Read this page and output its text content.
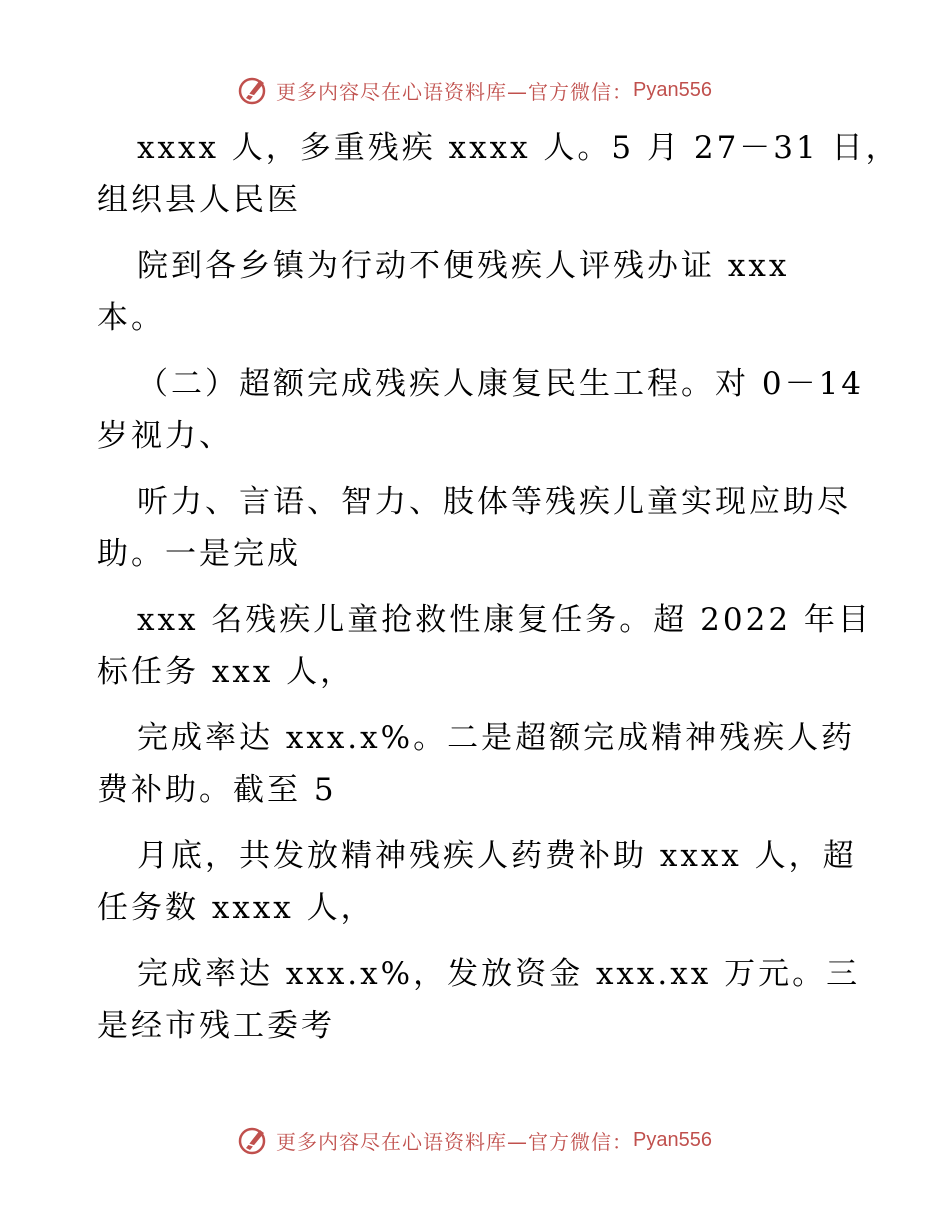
更多内容尽在心语资料库—官方微信： Pyan556

xxxx 人，多重残疾 xxxx 人。5 月 27－31 日，
组织县人民医

院到各乡镇为行动不便残疾人评残办证 xxx
本。

（二）超额完成残疾人康复民生工程。对 0－14
岁视力、

听力、言语、智力、肢体等残疾儿童实现应助尽
助。一是完成

xxx 名残疾儿童抢救性康复任务。超 2022 年目
标任务 xxx 人，

完成率达 xxx.x%。二是超额完成精神残疾人药
费补助。截至 5

月底，共发放精神残疾人药费补助 xxxx 人，超
任务数 xxxx 人，

完成率达 xxx.x%，发放资金 xxx.xx 万元。三
是经市残工委考

更多内容尽在心语资料库—官方微信： Pyan556
